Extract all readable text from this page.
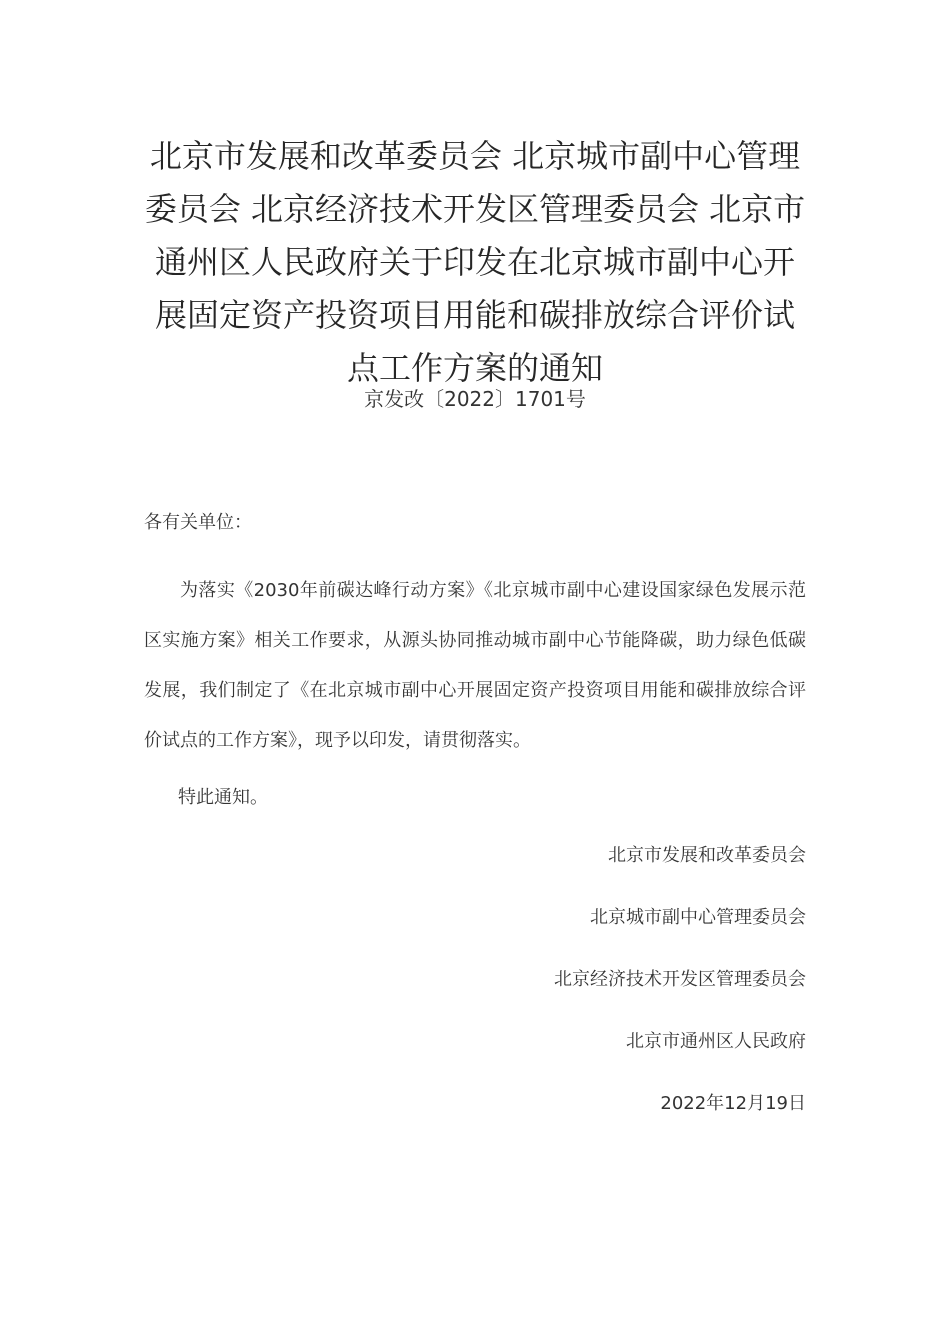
北京市发展和改革委员会 北京城市副中心管理委员会 北京经济技术开发区管理委员会 北京市通州区人民政府关于印发在北京城市副中心开展固定资产投资项目用能和碳排放综合评价试点工作方案的通知
京发改〔2022〕1701号
各有关单位：

为落实《2030年前碳达峰行动方案》《北京城市副中心建设国家绿色发展示范区实施方案》相关工作要求，从源头协同推动城市副中心节能降碳，助力绿色低碳发展，我们制定了《在北京城市副中心开展固定资产投资项目用能和碳排放综合评价试点的工作方案》，现予以印发，请贯彻落实。

特此通知。
北京市发展和改革委员会
北京城市副中心管理委员会
北京经济技术开发区管理委员会
北京市通州区人民政府
2022年12月19日
